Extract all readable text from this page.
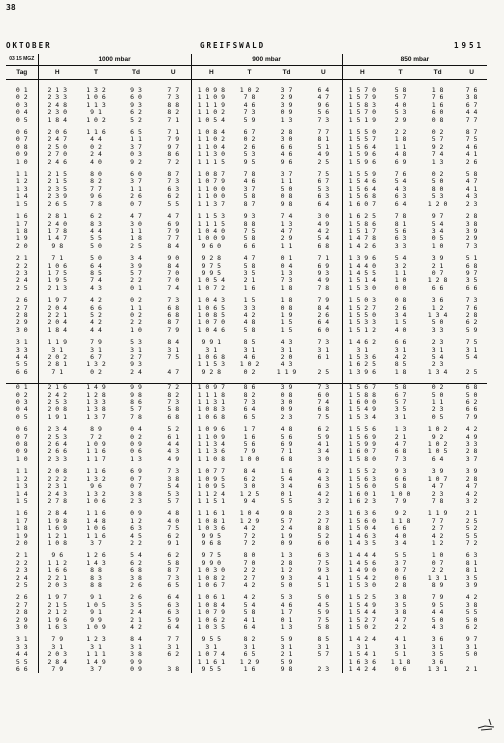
38
OKTOBER	GREIFSWALD	1951
03 15 MGZ	1000 mbar				900 mbar				850 mbar			
Tag	H	T	Td	U	H	T	Td	U	H	T	Td	U

0 1	2 1 3	1 3 2	9 3	7 7	1 0 9 8	1 0 2	3 7	6 4	1 5 7 0	5 8	1 8	7 6
0 2	2 3 3	1 0 6	6 0	7 3	1 1 0 9	7 8	2 9	4 7	1 5 7 9	5 7	7 6	3 8
0 3	2 4 8	1 1 3	9 3	8 8	1 1 1 9	4 6	3 9	9 6	1 5 8 3	4 0	1 6	6 7
0 4	2 3 0	9 1	6 2	8 2	1 1 0 2	7 3	0 9	5 6	1 5 7 0	5 3	6 0	4 4
0 5	1 8 4	1 0 2	5 2	7 1	1 0 5 4	5 9	1 3	7 3	1 5 1 9	2 9	0 8	7 7

0 6	2 0 6	1 1 6	6 5	7 1	1 0 8 4	6 7	2 8	7 7	1 5 5 0	2 2	0 2	8 7
0 7	2 4 7	4 4	1 1	7 9	1 1 0 2	0 2	3 0	8 1	1 5 5 7	1 8	5 7	7 5
0 8	2 5 0	0 2	3 7	9 7	1 1 0 4	2 6	6 6	5 1	1 5 6 4	1 1	9 2	4 6
0 9	2 7 0	2 4	0 3	8 6	1 1 3 0	5 3	4 6	4 9	1 5 9 6	4 8	7 4	4 1
1 0	2 4 6	4 0	9 2	7 2	1 1 1 5	9 5	9 6	2 5	1 5 9 6	6 9	1 3	2 6

1 1	2 1 5	8 0	6 0	8 7	1 0 8 7	7 8	3 7	7 5	1 5 5 9	7 6	0 2	5 8
1 2	2 1 5	8 2	3 7	7 3	1 0 7 9	4 6	1 1	6 7	1 5 4 6	5 4	5 0	4 7
1 3	2 3 5	7 7	1 1	6 3	1 1 0 0	3 7	5 0	5 3	1 5 6 4	4 3	8 0	4 1
1 4	2 3 9	9 6	2 6	6 2	1 1 0 0	5 8	0 8	6 3	1 5 6 8	6 3	5 3	4 3
1 5	2 6 5	7 8	0 7	5 5	1 1 3 7	8 7	9 8	6 4	1 6 0 7	6 4	1 2 0	2 3

1 6	2 8 1	6 2	4 7	4 7	1 1 5 3	9 3	7 4	3 0	1 6 2 5	7 8	9 7	2 8
1 7	2 4 0	8 3	3 0	6 9	1 1 1 5	8 8	1 3	4 9	1 5 8 6	8 1	5 4	3 8
1 8	1 7 8	4 4	1 1	7 9	1 0 4 0	7 5	4 7	4 2	1 5 1 7	5 6	3 4	3 9
1 9	1 4 7	5 5	1 8	7 7	1 0 0 9	5 8	2 9	5 4	1 4 7 8	6 3	0 5	2 9
2 0	9 8	5 0	2 5	8 4	9 6 0	6 6	1 1	6 8	1 4 2 6	3 3	1 0	7 3

2 1	7 1	5 0	3 4	9 0	9 2 8	4 7	0 1	7 1	1 3 9 6	5 4	3 9	5 1
2 2	1 0 6	6 4	3 9	8 4	9 7 5	5 8	0 4	6 9	1 4 4 0	3 2	2 1	6 8
2 3	1 7 5	8 5	5 7	7 0	9 9 5	3 5	1 3	9 3	1 4 5 5	1 1	0 7	9 7
2 4	1 9 5	7 4	2 2	7 0	1 0 5 4	2 1	7 3	4 9	1 5 1 4	1 0	1 2 8	3 5
2 5	2 1 3	4 3	0 1	7 4	1 0 7 2	1 6	1 8	7 8	1 5 3 0	0 0	6 6	6 6

2 6	1 9 7	4 2	0 2	7 3	1 0 4 3	1 5	1 8	7 9	1 5 0 3	0 8	3 6	7 3
2 7	2 0 4	6 6	1 1	6 8	1 0 6 5	3 3	0 8	8 4	1 5 2 7	2 6	1 2	7 6
2 8	2 2 1	5 2	0 2	6 8	1 0 8 5	4 2	1 9	2 6	1 5 5 0	3 4	1 3 4	2 8
2 9	2 0 4	4 2	2 2	8 7	1 0 7 0	4 8	1 5	6 4	1 5 3 3	1 5	5 0	6 2
3 0	1 8 4	4 4	1 0	7 9	1 0 4 6	5 8	1 5	6 0	1 5 1 2	4 0	3 3	5 9

3 1	1 1 9	7 9	5 3	8 4	9 9 1	8 5	4 3	7 3	1 4 6 2	6 6	2 3	7 5
3 3	3 1	3 1	3 1	3 1	3 1	3 1	3 1	3 1	3 1	3 1	3 1	3 1
4 4	2 0 2	6 7	2 7	7 5	1 0 6 8	4 6	2 0	6 1	1 5 3 6	4 2	5 4	5 4
5 5	2 8 1	1 3 2	9 3		1 1 5 3	1 0 2	4 3		1 6 2 5	8 5	2 3	
6 6	7 1	0 2	2 4	4 7	9 2 8	0 2	1 1 9	2 5	1 3 9 6	1 8	1 3 4	2 5

0 1	2 1 6	1 4 9	9 9	7 2	1 0 9 7	8 6	3 9	7 3	1 5 6 7	5 8	0 2	6 8
0 2	2 4 2	1 2 8	9 8	8 2	1 1 1 8	8 2	0 8	6 0	1 5 8 8	6 7	5 0	5 0
0 3	2 5 3	1 3 3	8 6	7 3	1 1 3 1	7 3	3 0	7 4	1 6 0 0	5 7	1 1	6 2
0 4	2 0 8	1 3 8	5 7	5 8	1 0 8 3	6 4	0 9	6 8	1 5 4 9	3 5	2 3	6 6
0 5	1 9 1	1 3 7	7 8	6 8	1 0 6 8	6 5	2 3	7 5	1 5 3 4	3 1	0 5	7 9

0 6	2 3 4	8 9	0 4	5 2	1 0 9 6	1 7	4 8	6 2	1 5 5 6	1 3	1 0 2	4 2
0 7	2 5 3	7 2	0 2	6 1	1 1 0 9	1 6	5 6	5 9	1 5 6 9	2 1	9 2	4 9
0 8	2 6 4	1 0 9	0 9	4 4	1 1 3 4	5 6	6 9	4 1	1 5 9 9	4 7	1 0 2	3 3
0 9	2 6 6	1 1 6	0 6	4 3	1 1 3 6	7 9	7 1	3 4	1 6 0 7	6 8	1 0 5	2 8
1 0	2 3 3	1 1 7	1 3	4 9	1 1 0 8	1 0 0	6 8	3 0	1 5 8 0	7 3	6 4	3 7

1 1	2 0 8	1 1 6	6 9	7 3	1 0 7 7	8 4	1 6	6 2	1 5 5 2	9 3	3 9	3 9
1 2	2 2 2	1 3 2	0 7	3 8	1 0 9 5	6 2	5 4	4 3	1 5 6 3	6 6	1 0 7	2 8
1 3	2 3 1	9 6	0 7	5 4	1 0 9 5	3 0	3 4	6 3	1 5 6 0	5 8	4 7	4 7
1 4	2 4 3	1 3 2	3 8	5 3	1 1 2 4	1 2 5	0 1	4 2	1 6 0 1	1 0 0	2 3	4 2
1 5	2 7 8	1 0 6	2 3	5 7	1 1 5 1	9 4	5 5	3 2	1 6 2 3	7 9	7 8	3 2

1 6	2 8 4	1 1 6	0 9	4 8	1 1 6 1	1 0 4	9 8	2 3	1 6 3 6	9 2	1 1 9	2 1
1 7	1 9 8	1 4 8	1 2	4 0	1 0 8 1	1 2 9	5 7	2 7	1 5 6 0	1 1 8	7 7	2 5
1 8	1 6 9	1 0 6	6 3	7 5	1 0 3 6	4 2	2 4	8 8	1 5 0 4	6 6	2 7	5 2
1 9	1 2 1	1 1 6	4 5	6 2	9 9 5	7 2	1 9	5 2	1 4 6 3	4 0	4 2	5 5
2 0	1 0 8	3 7	2 2	9 1	9 6 8	7 2	0 9	6 0	1 4 3 5	3 4	1 2	7 2

2 1	9 6	1 2 6	5 4	6 2	9 7 5	8 0	1 3	6 3	1 4 4 4	5 5	1 0	6 3
2 2	1 1 2	1 4 3	6 2	5 8	9 9 0	7 0	2 8	7 5	1 4 5 6	3 7	0 7	8 1
2 3	1 6 6	8 8	6 8	8 7	1 0 3 0	2 2	1 2	9 3	1 4 9 0	0 7	2 2	8 1
2 4	2 2 1	8 3	3 8	7 3	1 0 8 2	2 7	9 3	4 1	1 5 4 2	0 6	1 3 1	3 5
2 5	2 0 3	8 8	2 6	6 5	1 0 6 7	4 2	5 0	5 1	1 5 3 0	2 8	8 9	3 9

2 6	1 9 7	9 1	2 6	6 4	1 0 6 1	4 2	5 3	5 0	1 5 2 5	3 8	7 9	4 2
2 7	2 1 5	1 0 5	3 5	6 3	1 0 8 4	5 4	4 6	4 5	1 5 4 9	3 5	9 5	3 8
2 8	2 1 2	9 1	2 4	6 3	1 0 7 9	5 8	1 7	5 9	1 5 4 4	3 8	4 4	5 5
2 9	1 9 6	9 9	2 1	5 9	1 0 6 2	4 1	0 1	7 5	1 5 2 7	4 7	5 0	5 0
3 0	1 6 3	1 0 9	4 2	6 4	1 0 3 5	6 4	1 3	5 8	1 5 0 2	2 2	4 3	6 2

3 1	7 9	1 2 3	8 4	7 7	9 5 5	8 2	5 9	8 5	1 4 2 4	4 1	3 6	9 7
3 3	3 1	3 1	3 1	3 1	3 1	3 1	3 1	3 1	3 1	3 1	3 1	3 1
4 4	2 0 3	1 1 1	3 8	6 2	1 0 7 4	6 5	2 1	5 7	1 5 4 1	5 1	3 5	5 0
5 5	2 8 4	1 4 9	9 9		1 1 6 1	1 2 9	5 9		1 6 3 6	1 1 8	3 6	
6 6	7 9	3 7	0 9	3 8	9 5 5	1 6	9 8	2 3	1 4 2 4	0 6	1 3 1	2 1
